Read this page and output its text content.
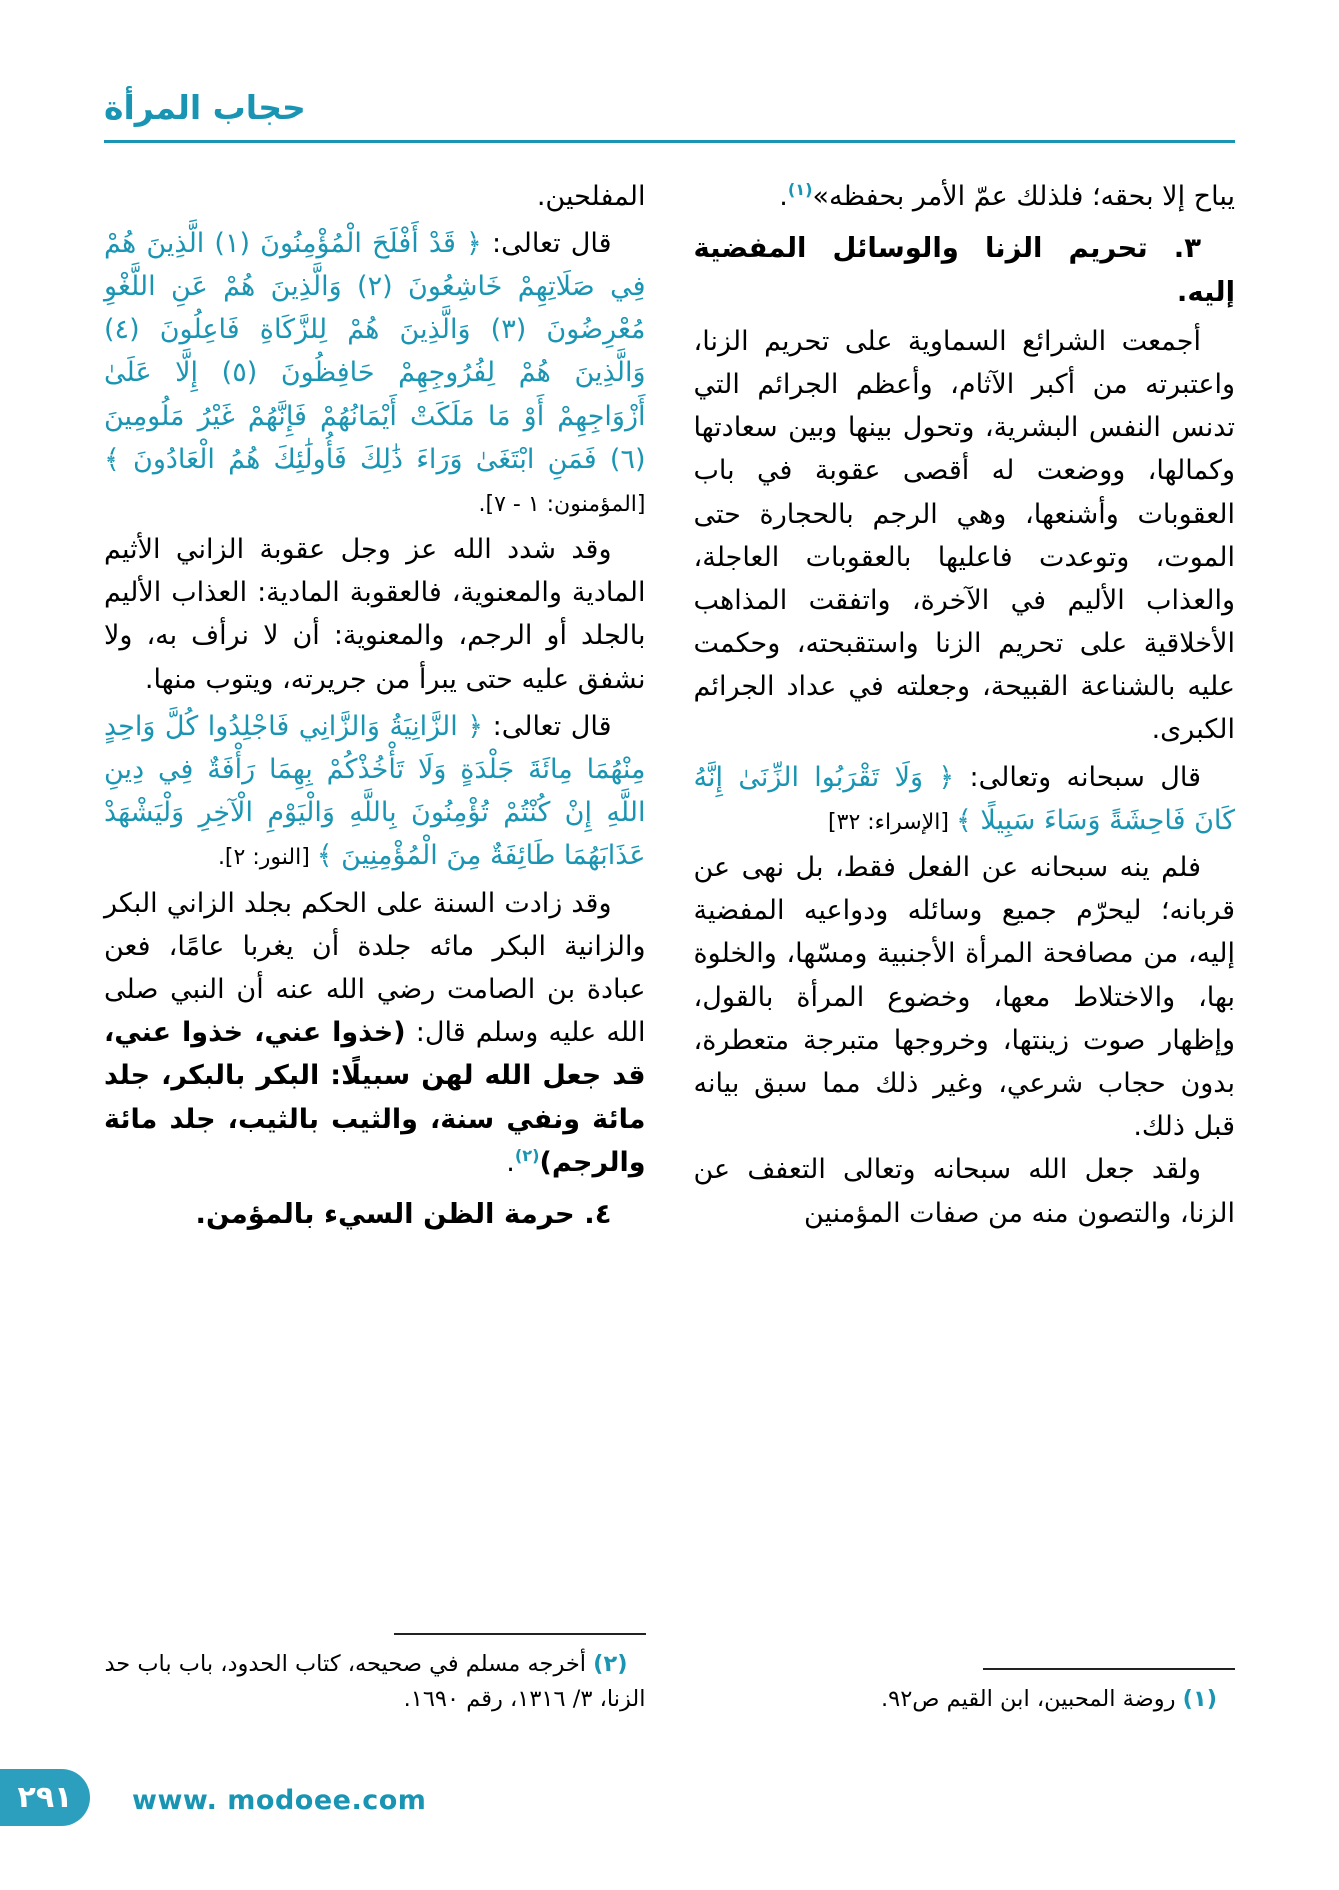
حجاب المرأة

يباح إلا بحقه؛ فلذلك عمّ الأمر بحفظه»$^{(١)}$.

٣. تحريم الزنا والوسائل المفضية إليه.

أجمعت الشرائع السماوية على تحريم الزنا، واعتبرته من أكبر الآثام، وأعظم الجرائم التي تدنس النفس البشرية، وتحول بينها وبين سعادتها وكمالها، ووضعت له أقصى عقوبة في باب العقوبات وأشنعها، وهي الرجم بالحجارة حتى الموت، وتوعدت فاعليها بالعقوبات العاجلة، والعذاب الأليم في الآخرة، واتفقت المذاهب الأخلاقية على تحريم الزنا واستقبحته، وحكمت عليه بالشناعة القبيحة، وجعلته في عداد الجرائم الكبرى.

قال سبحانه وتعالى: ﴿ وَلَا تَقْرَبُوا الزِّنَىٰ إِنَّهُ كَانَ فَاحِشَةً وَسَاءَ سَبِيلًا ﴾ [الإسراء: ٣٢]

فلم ينه سبحانه عن الفعل فقط، بل نهى عن قربانه؛ ليحرّم جميع وسائله ودواعيه المفضية إليه، من مصافحة المرأة الأجنبية ومسّها، والخلوة بها، والاختلاط معها، وخضوع المرأة بالقول، وإظهار صوت زينتها، وخروجها متبرجة متعطرة، بدون حجاب شرعي، وغير ذلك مما سبق بيانه قبل ذلك.

ولقد جعل الله سبحانه وتعالى التعفف عن الزنا، والتصون منه من صفات المؤمنين

(١) روضة المحبين، ابن القيم ص٩٢.

المفلحين.

قال تعالى: ﴿ قَدْ أَفْلَحَ الْمُؤْمِنُونَ (١) الَّذِينَ هُمْ فِي صَلَاتِهِمْ خَاشِعُونَ (٢) وَالَّذِينَ هُمْ عَنِ اللَّغْوِ مُعْرِضُونَ (٣) وَالَّذِينَ هُمْ لِلزَّكَاةِ فَاعِلُونَ (٤) وَالَّذِينَ هُمْ لِفُرُوجِهِمْ حَافِظُونَ (٥) إِلَّا عَلَىٰ أَزْوَاجِهِمْ أَوْ مَا مَلَكَتْ أَيْمَانُهُمْ فَإِنَّهُمْ غَيْرُ مَلُومِينَ (٦) فَمَنِ ابْتَغَىٰ وَرَاءَ ذَٰلِكَ فَأُولَٰئِكَ هُمُ الْعَادُونَ ﴾ [المؤمنون: ١ - ٧].

وقد شدد الله عز وجل عقوبة الزاني الأثيم المادية والمعنوية، فالعقوبة المادية: العذاب الأليم بالجلد أو الرجم، والمعنوية: أن لا نرأف به، ولا نشفق عليه حتى يبرأ من جريرته، ويتوب منها.

قال تعالى: ﴿ الزَّانِيَةُ وَالزَّانِي فَاجْلِدُوا كُلَّ وَاحِدٍ مِنْهُمَا مِائَةَ جَلْدَةٍ وَلَا تَأْخُذْكُمْ بِهِمَا رَأْفَةٌ فِي دِينِ اللَّهِ إِنْ كُنْتُمْ تُؤْمِنُونَ بِاللَّهِ وَالْيَوْمِ الْآخِرِ وَلْيَشْهَدْ عَذَابَهُمَا طَائِفَةٌ مِنَ الْمُؤْمِنِينَ ﴾ [النور: ٢].

وقد زادت السنة على الحكم بجلد الزاني البكر والزانية البكر مائه جلدة أن يغربا عامًا، فعن عبادة بن الصامت رضي الله عنه أن النبي صلى الله عليه وسلم قال: (خذوا عني، خذوا عني، قد جعل الله لهن سبيلًا: البكر بالبكر، جلد مائة ونفي سنة، والثيب بالثيب، جلد مائة والرجم)$^{(٢)}$.

٤. حرمة الظن السيء بالمؤمن.

(٢) أخرجه مسلم في صحيحه، كتاب الحدود، باب باب حد الزنا، ٣/ ١٣١٦، رقم ١٦٩٠.

٢٩١	www. modoee.com
